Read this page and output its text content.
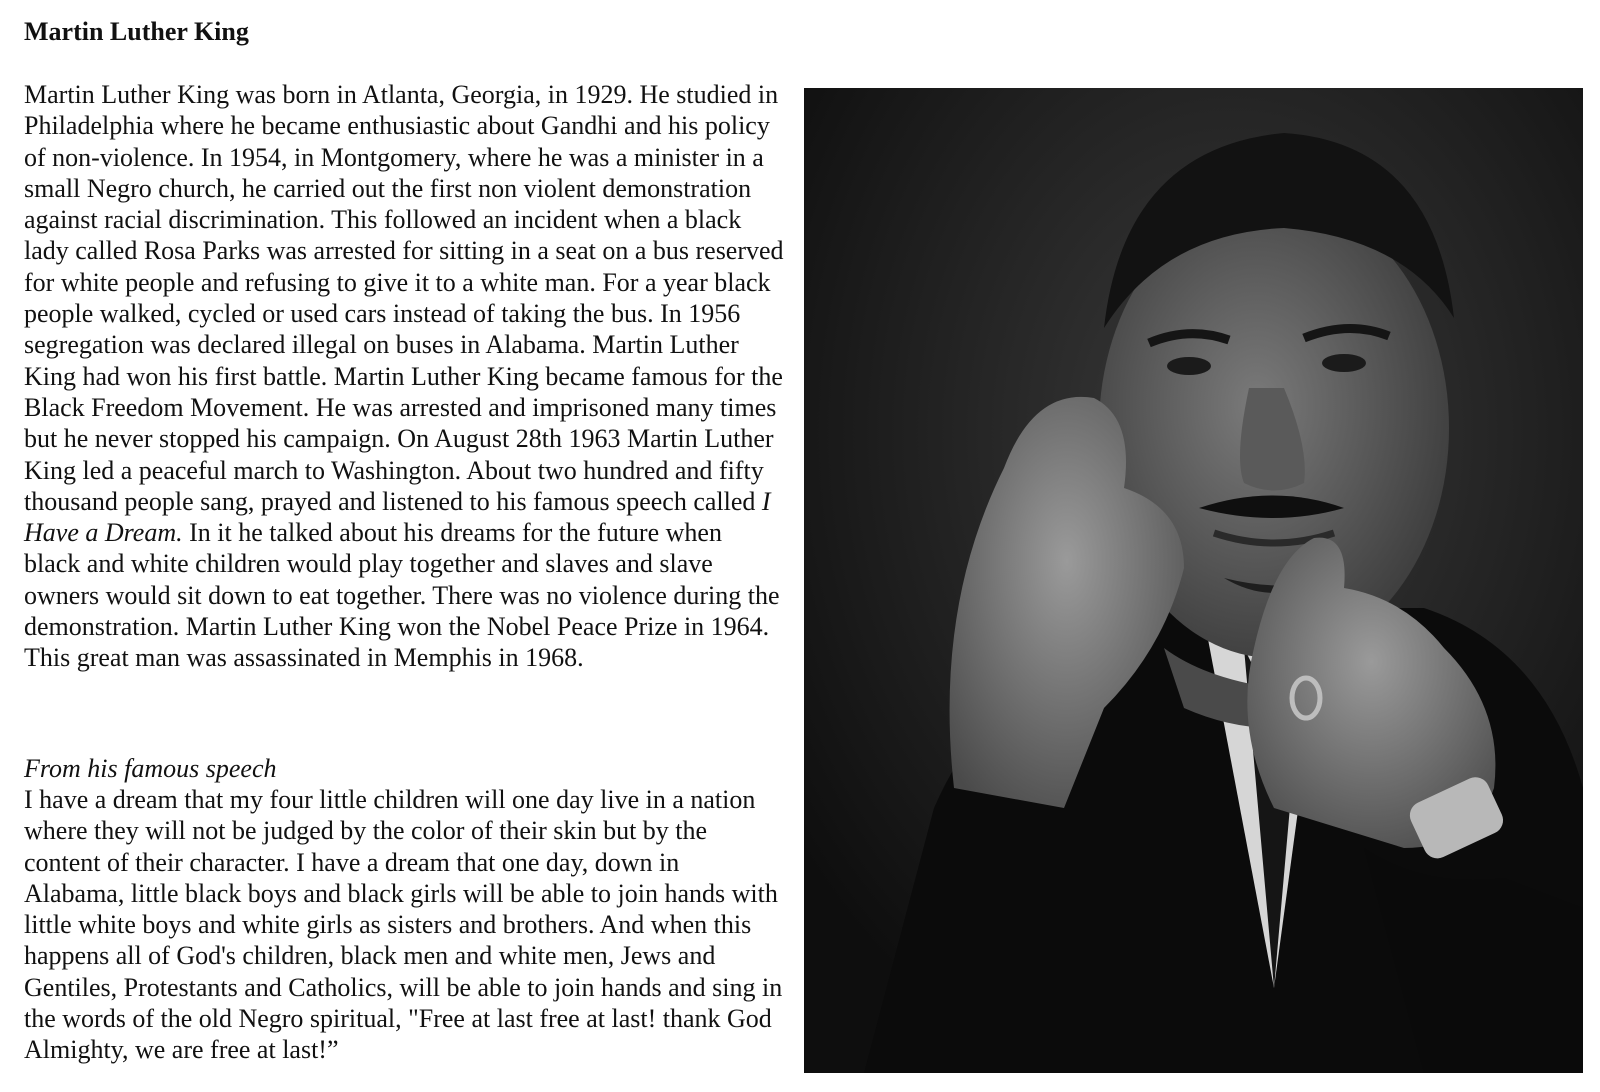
Martin Luther King

Martin Luther King was born in Atlanta, Georgia, in 1929. He studied in Philadelphia where he became enthusiastic about Gandhi and his policy of non-violence. In 1954, in Montgomery, where he was a minister in a small Negro church, he carried out the first non violent demonstration against racial discrimination. This followed an incident when a black lady called Rosa Parks was arrested for sitting in a seat on a bus reserved for white people and refusing to give it to a white man. For a year black people walked, cycled or used cars instead of taking the bus. In 1956 segregation was declared illegal on buses in Alabama. Martin Luther King had won his first battle. Martin Luther King became famous for the Black Freedom Movement. He was arrested and imprisoned many times but he never stopped his campaign. On August 28th 1963 Martin Luther King led a peaceful march to Washington. About two hundred and fifty thousand people sang, prayed and listened to his famous speech called I Have a Dream. In it he talked about his dreams for the future when black and white children would play together and slaves and slave owners would sit down to eat together. There was no violence during the demonstration. Martin Luther King won the Nobel Peace Prize in 1964. This great man was assassinated in Memphis in 1968.

From his famous speech

I have a dream that my four little children will one day live in a nation where they will not be judged by the color of their skin but by the content of their character. I have a dream that one day, down in Alabama, little black boys and black girls will be able to join hands with little white boys and white girls as sisters and brothers. And when this happens all of God's children, black men and white men, Jews and Gentiles, Protestants and Catholics, will be able to join hands and sing in the words of the old Negro spiritual, "Free at last free at last! thank God Almighty, we are free at last!”
